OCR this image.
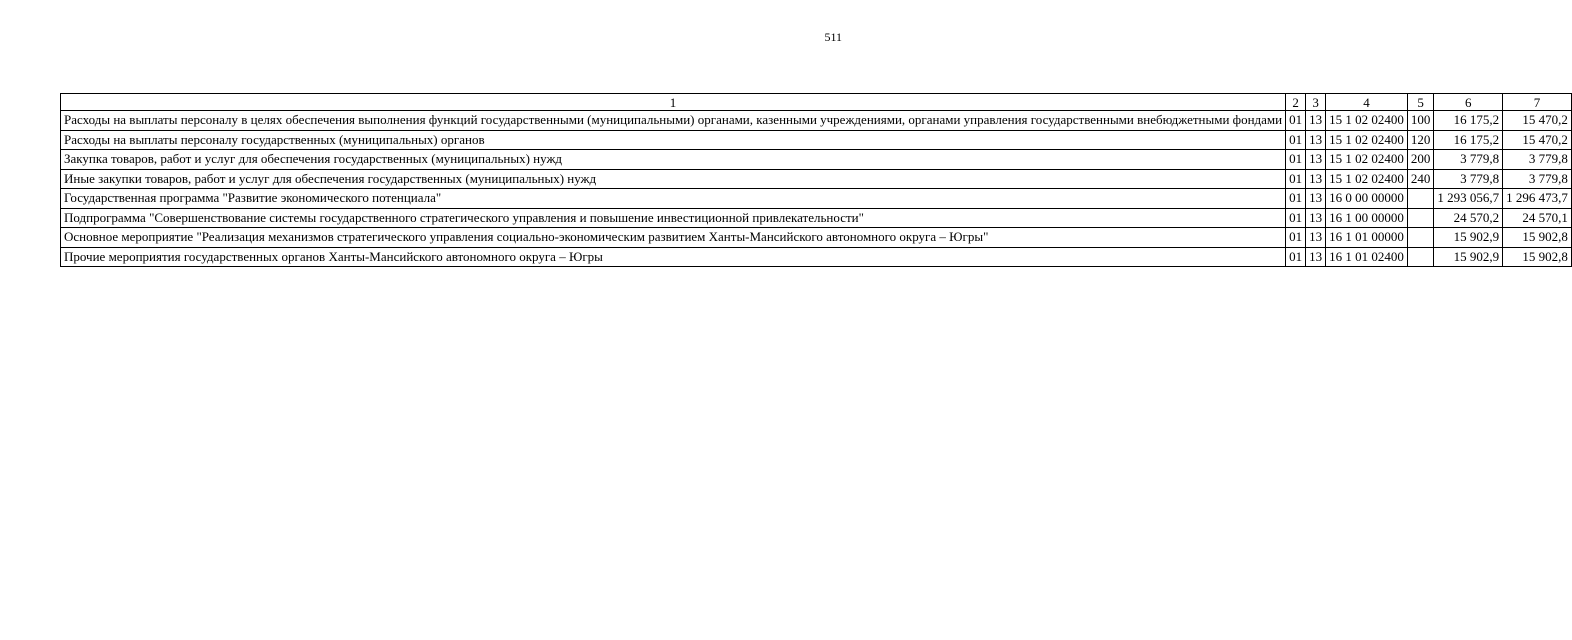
511
1	2	3	4	5	6	7
Расходы на выплаты персоналу в целях обеспечения выполнения функций государственными (муниципальными) органами, казенными учреждениями, органами управления государственными внебюджетными фондами	01	13	15 1 02 02400	100	16 175,2	15 470,2
Расходы на выплаты персоналу государственных (муниципальных) органов	01	13	15 1 02 02400	120	16 175,2	15 470,2
Закупка товаров, работ и услуг для обеспечения государственных (муниципальных) нужд	01	13	15 1 02 02400	200	3 779,8	3 779,8
Иные закупки товаров, работ и услуг для обеспечения государственных (муниципальных) нужд	01	13	15 1 02 02400	240	3 779,8	3 779,8
Государственная программа "Развитие экономического потенциала"	01	13	16 0 00 00000		1 293 056,7	1 296 473,7
Подпрограмма "Совершенствование системы государственного стратегического управления и повышение инвестиционной привлекательности"	01	13	16 1 00 00000		24 570,2	24 570,1
Основное мероприятие "Реализация механизмов стратегического управления социально-экономическим развитием Ханты-Мансийского автономного округа – Югры"	01	13	16 1 01 00000		15 902,9	15 902,8
Прочие мероприятия государственных органов Ханты-Мансийского автономного округа – Югры	01	13	16 1 01 02400		15 902,9	15 902,8
